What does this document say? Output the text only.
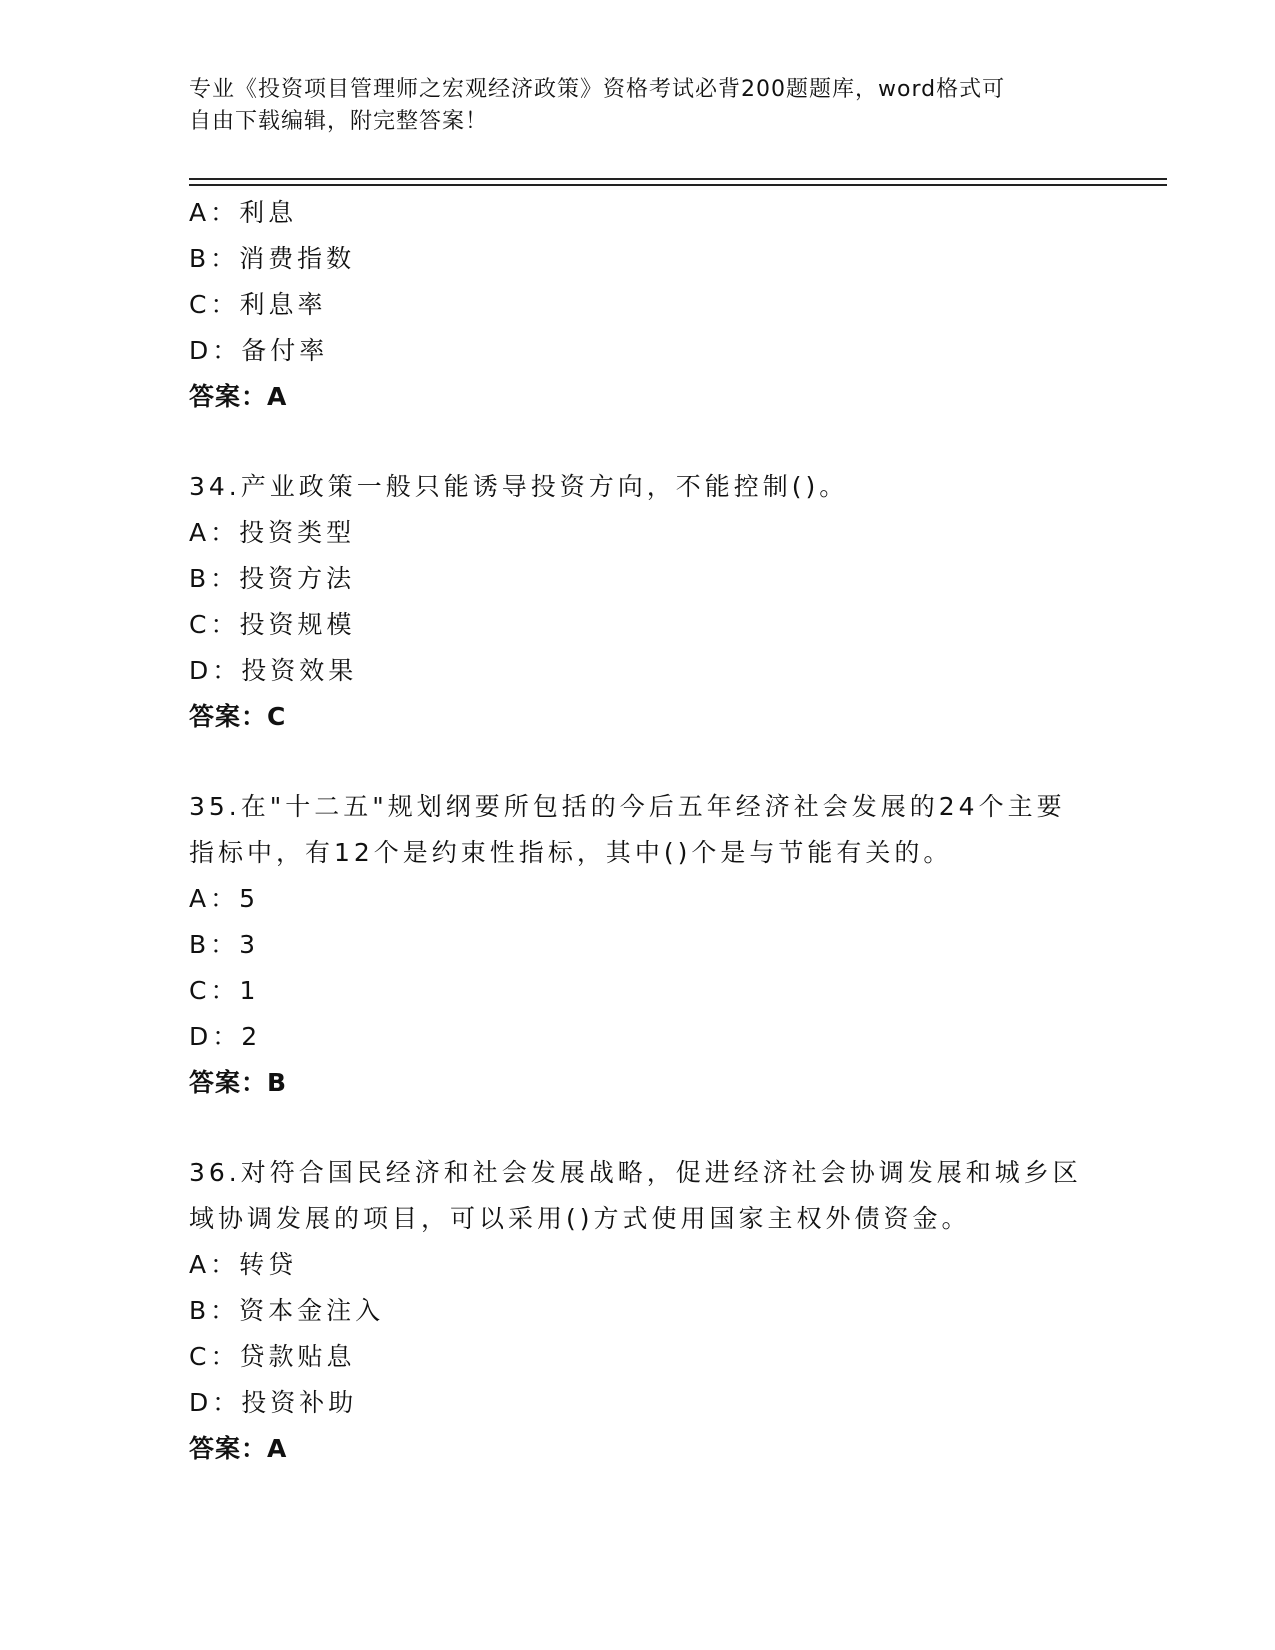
专业《投资项目管理师之宏观经济政策》资格考试必背200题题库，word格式可
自由下载编辑，附完整答案！
A：利息
B：消费指数
C：利息率
D：备付率
答案：A
34.产业政策一般只能诱导投资方向，不能控制()。
A：投资类型
B：投资方法
C：投资规模
D：投资效果
答案：C
35.在"十二五"规划纲要所包括的今后五年经济社会发展的24个主要
指标中，有12个是约束性指标，其中()个是与节能有关的。
A：5
B：3
C：1
D：2
答案：B
36.对符合国民经济和社会发展战略，促进经济社会协调发展和城乡区
域协调发展的项目，可以采用()方式使用国家主权外债资金。
A：转贷
B：资本金注入
C：贷款贴息
D：投资补助
答案：A
